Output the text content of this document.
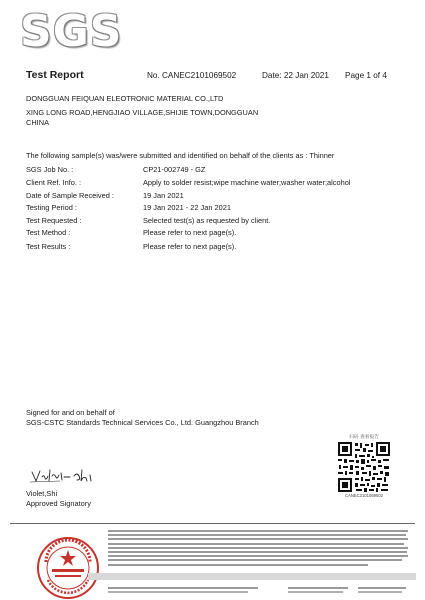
SGS
Test Report	No. CANEC2101069502	Date: 22 Jan 2021 Page 1 of 4
DONGGUAN FEIQUAN ELEOTRONIC MATERIAL CO.,LTD
XING LONG ROAD,HENGJIAO VILLAGE,SHIJIE TOWN,DONGGUAN
CHINA
The following sample(s) was/were submitted and identified on behalf of the clients as : Thinner
SGS Job No. :	CP21-002749 - GZ
Client Ref. Info. :	Apply to solder resist;wipe machine water;washer water;alcohol
Date of Sample Received :	19 Jan 2021
Testing Period :	19 Jan 2021 - 22 Jan 2021
Test Requested :	Selected test(s) as requested by client.
Test Method :	Please refer to next page(s).
Test Results :	Please refer to next page(s).
Signed for and on behalf of
SGS-CSTC Standards Technical Services Co., Ltd. Guangzhou Branch
扫码 查看报告
CANEC2101069502
Violet,Shi
Approved Signatory
